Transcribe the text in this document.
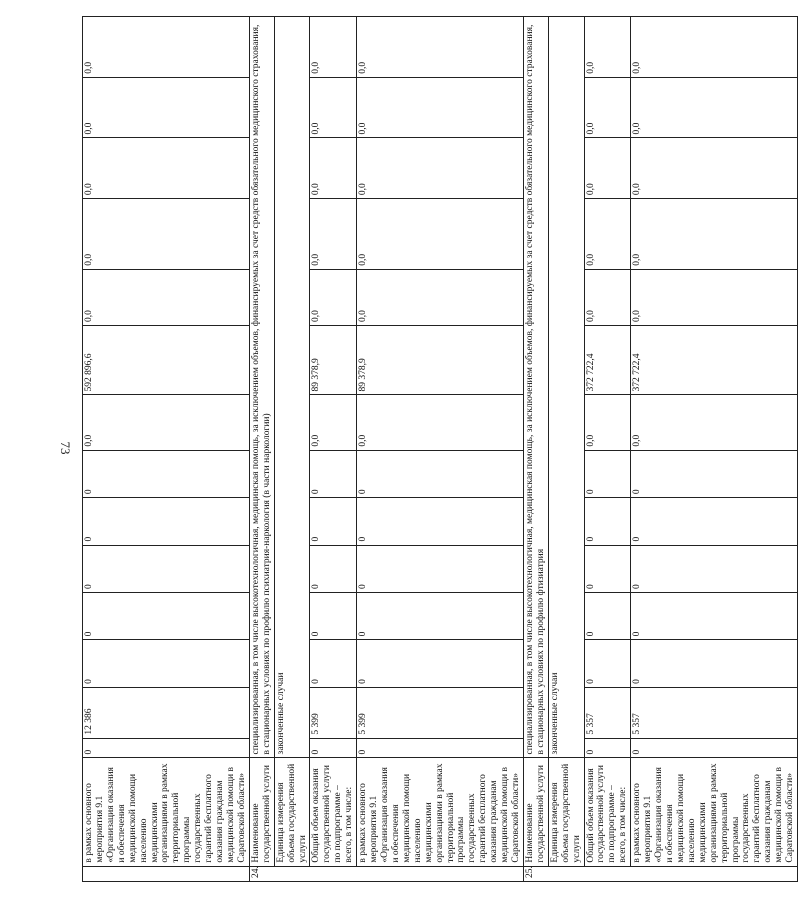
73
	в рамках основного мероприятия 9.1 «Организация оказания и обеспечения медицинской помощи населению медицинскими организациями в рамках территориальной программы государственных гарантий бесплатного оказания гражданам медицинской помощи в Саратовской области»	0	12 386	0	0	0	0	0	0,0	592 896,6	0,0	0,0	0,0	0,0	0,0
24.	Наименование государственной услуги	специализированная, в том числе высокотехнологичная, медицинская помощь, за исключением объемов, финансируемых за счет средств обязательного медицинского страхования, в стационарных условиях по профилю психиатрия-наркология (в части наркологии)													
	Единица измерения объема государственной услуги	законченные случаи													
	Общий объем оказания государственной услуги по подпрограмме – всего, в том числе:	0	5 399	0	0	0	0	0	0,0	89 378,9	0,0	0,0	0,0	0,0	0,0
	в рамках основного мероприятия 9.1 «Организация оказания и обеспечения медицинской помощи населению медицинскими организациями в рамках территориальной программы государственных гарантий бесплатного оказания гражданам медицинской помощи в Саратовской области»	0	5 399	0	0	0	0	0	0,0	89 378,9	0,0	0,0	0,0	0,0	0,0
25.	Наименование государственной услуги	специализированная, в том числе высокотехнологичная, медицинская помощь, за исключением объемов, финансируемых за счет средств обязательного медицинского страхования, в стационарных условиях по профилю фтизиатрия													
	Единица измерения объема государственной услуги	законченные случаи													
	Общий объем оказания государственной услуги по подпрограмме – всего, в том числе:	0	5 357	0	0	0	0	0	0,0	372 722,4	0,0	0,0	0,0	0,0	0,0
	в рамках основного мероприятия 9.1 «Организация оказания и обеспечения медицинской помощи населению медицинскими организациями в рамках территориальной программы государственных гарантий бесплатного оказания гражданам медицинской помощи в Саратовской области»	0	5 357	0	0	0	0	0	0,0	372 722,4	0,0	0,0	0,0	0,0	0,0
